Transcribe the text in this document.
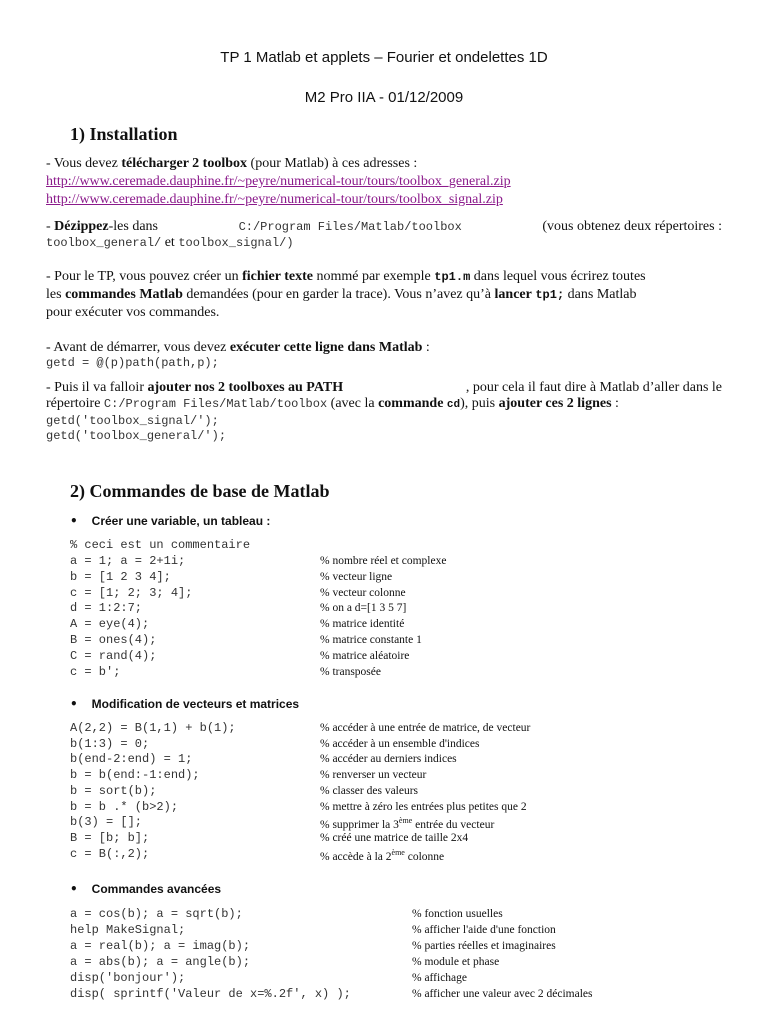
TP 1 Matlab et applets – Fourier et ondelettes 1D
M2 Pro IIA - 01/12/2009
1) Installation
- Vous devez télécharger 2 toolbox (pour Matlab) à ces adresses :
http://www.ceremade.dauphine.fr/~peyre/numerical-tour/tours/toolbox_general.zip
http://www.ceremade.dauphine.fr/~peyre/numerical-tour/tours/toolbox_signal.zip
- Dézippez-les dans	C:/Program Files/Matlab/toolbox	(vous obtenez deux répertoires :
toolbox_general/ et toolbox_signal/)
- Pour le TP, vous pouvez créer un fichier texte nommé par exemple tp1.m dans lequel vous écrirez toutes
les commandes Matlab demandées (pour en garder la trace). Vous n’avez qu’à lancer tp1; dans Matlab
pour exécuter vos commandes.
- Avant de démarrer, vous devez exécuter cette ligne dans Matlab :
getd = @(p)path(path,p);
- Puis il va falloir ajouter nos 2 toolboxes au PATH	, pour cela il faut dire à Matlab d’aller dans le
répertoire C:/Program Files/Matlab/toolbox (avec la commande cd), puis ajouter ces 2 lignes :
getd('toolbox_signal/');
getd('toolbox_general/');
2) Commandes de base de Matlab
• Créer une variable, un tableau :
% ceci est un commentaire
a = 1; a = 2+1i;	% nombre réel et complexe
b = [1 2 3 4];	% vecteur ligne
c = [1; 2; 3; 4];	% vecteur colonne
d = 1:2:7;	% on a d=[1 3 5 7]
A = eye(4);	% matrice identité
B = ones(4);	% matrice constante 1
C = rand(4);	% matrice aléatoire
c = b';	% transposée
• Modification de vecteurs et matrices
A(2,2) = B(1,1) + b(1);	% accéder à une entrée de matrice, de vecteur
b(1:3) = 0;	% accéder à un ensemble d'indices
b(end-2:end) = 1;	% accéder au derniers indices
b = b(end:-1:end);	% renverser un vecteur
b = sort(b);	% classer des valeurs
b = b .* (b>2);	% mettre à zéro les entrées plus petites que 2
b(3) = [];	% supprimer la 3ème entrée du vecteur
B = [b; b];	% créé une matrice de taille 2x4
c = B(:,2);	% accède à la 2ème colonne
• Commandes avancées
a = cos(b); a = sqrt(b);	% fonction usuelles
help MakeSignal;	% afficher l'aide d'une fonction
a = real(b); a = imag(b);	% parties réelles et imaginaires
a = abs(b); a = angle(b);	% module et phase
disp('bonjour');	% affichage
disp( sprintf('Valeur de x=%.2f', x) );	% afficher une valeur avec 2 décimales
